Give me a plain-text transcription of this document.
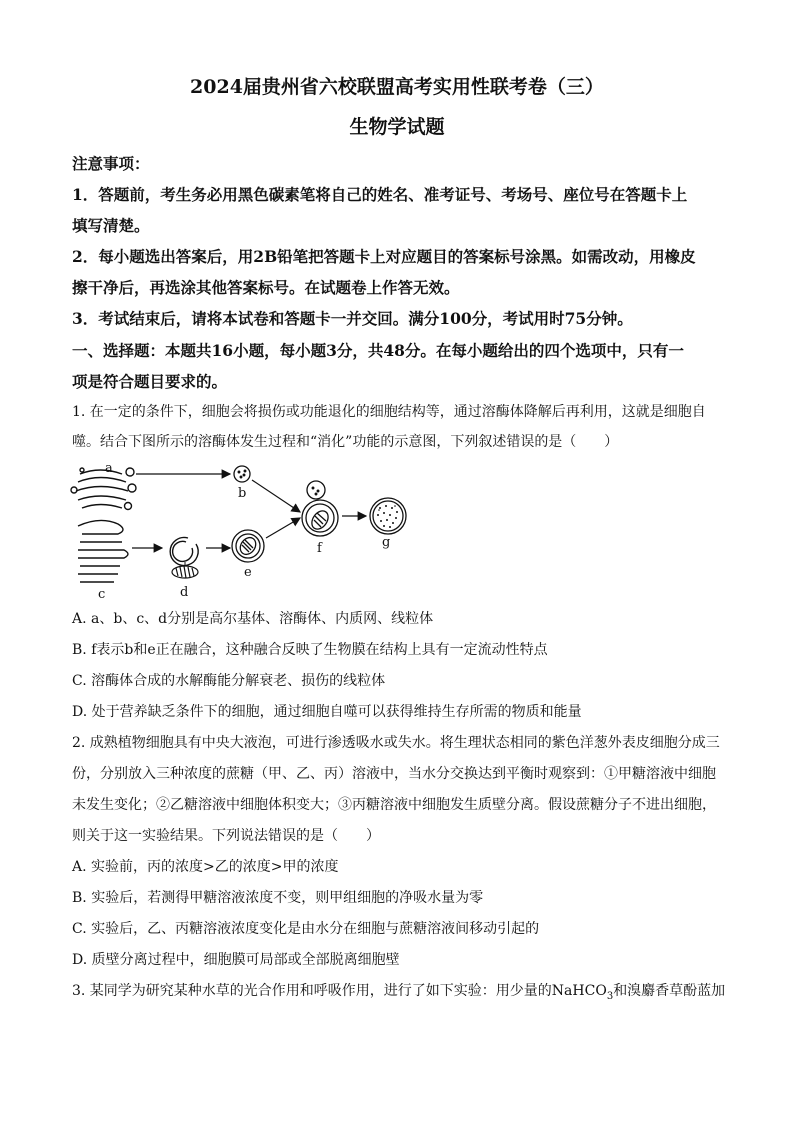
2024届贵州省六校联盟高考实用性联考卷（三）
生物学试题
注意事项：
1．答题前，考生务必用黑色碳素笔将自己的姓名、准考证号、考场号、座位号在答题卡上
填写清楚。
2．每小题选出答案后，用2B铅笔把答题卡上对应题目的答案标号涂黑。如需改动，用橡皮
擦干净后，再选涂其他答案标号。在试题卷上作答无效。
3．考试结束后，请将本试卷和答题卡一并交回。满分100分，考试用时75分钟。
一、选择题：本题共16小题，每小题3分，共48分。在每小题给出的四个选项中，只有一
项是符合题目要求的。
1. 在一定的条件下，细胞会将损伤或功能退化的细胞结构等，通过溶酶体降解后再利用，这就是细胞自
噬。结合下图所示的溶酶体发生过程和“消化”功能的示意图，下列叙述错误的是（　　）
a
b
c	d
e
f	g
A. a、b、c、d分别是高尔基体、溶酶体、内质网、线粒体
B. f表示b和e正在融合，这种融合反映了生物膜在结构上具有一定流动性特点
C. 溶酶体合成的水解酶能分解衰老、损伤的线粒体
D. 处于营养缺乏条件下的细胞，通过细胞自噬可以获得维持生存所需的物质和能量
2. 成熟植物细胞具有中央大液泡，可进行渗透吸水或失水。将生理状态相同的紫色洋葱外表皮细胞分成三
份，分别放入三种浓度的蔗糖（甲、乙、丙）溶液中，当水分交换达到平衡时观察到：①甲糖溶液中细胞
未发生变化；②乙糖溶液中细胞体积变大；③丙糖溶液中细胞发生质壁分离。假设蔗糖分子不进出细胞，
则关于这一实验结果。下列说法错误的是（　　）
A. 实验前，丙的浓度>乙的浓度>甲的浓度
B. 实验后，若测得甲糖溶液浓度不变，则甲组细胞的净吸水量为零
C. 实验后，乙、丙糖溶液浓度变化是由水分在细胞与蔗糖溶液间移动引起的
D. 质壁分离过程中，细胞膜可局部或全部脱离细胞壁
3. 某同学为研究某种水草的光合作用和呼吸作用，进行了如下实验：用少量的NaHCO$_3$和溴麝香草酚蓝加
